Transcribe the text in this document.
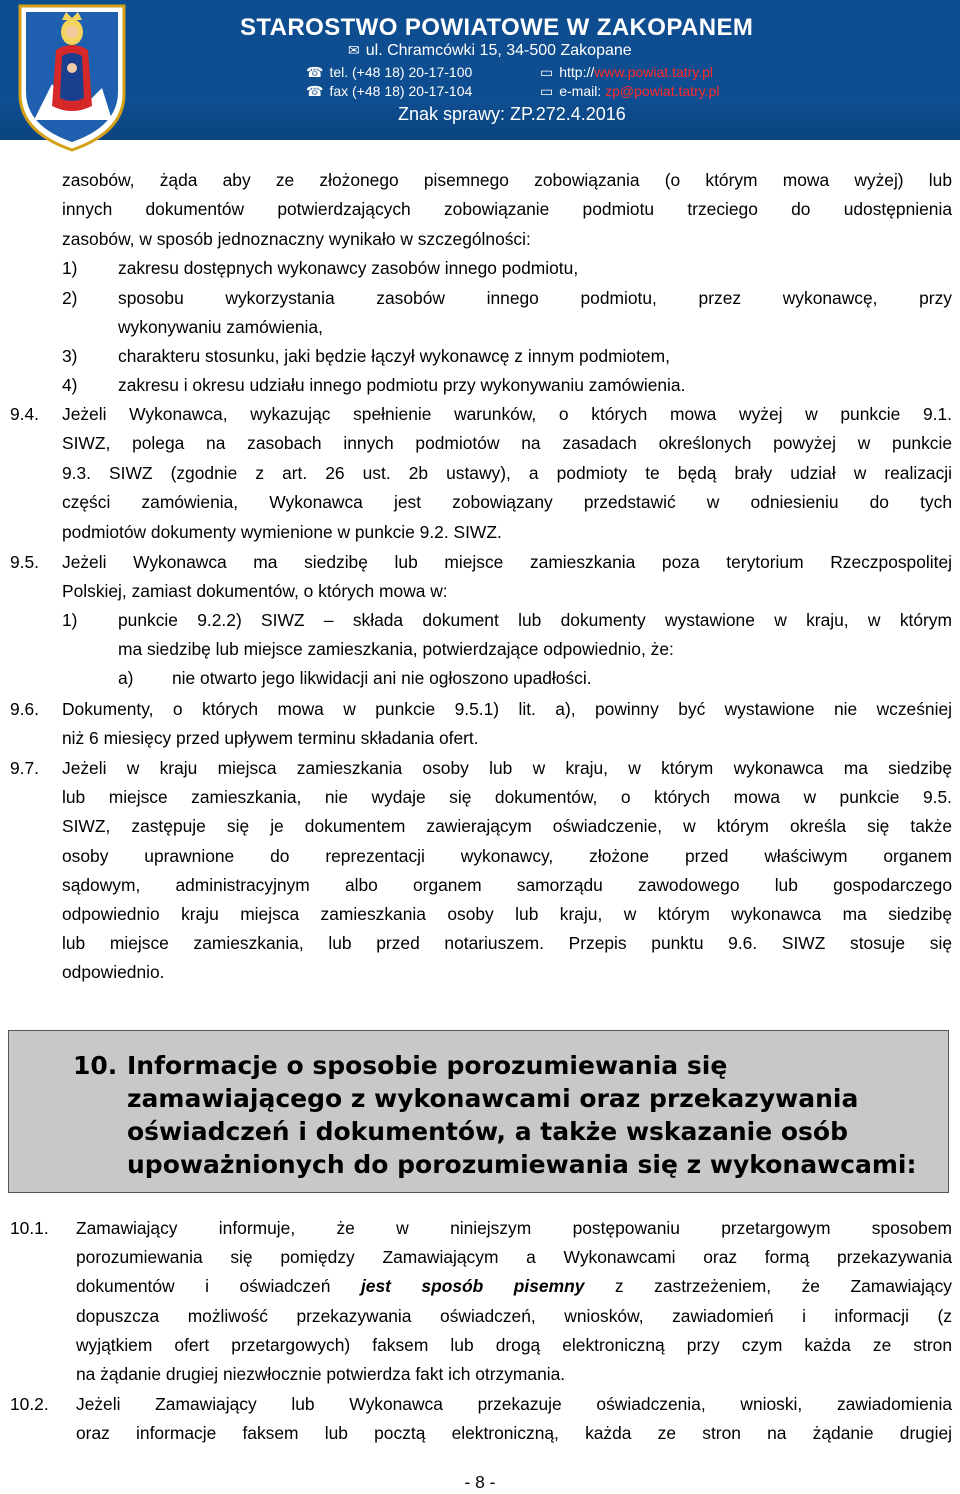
STAROSTWO POWIATOWE W ZAKOPANEM
✉ ul. Chramcówki 15, 34-500 Zakopane
☎ tel. (+48 18) 20-17-100
☎ fax (+48 18) 20-17-104
▭ http://www.powiat.tatry.pl
▭ e-mail: zp@powiat.tatry.pl
Znak sprawy: ZP.272.4.2016
zasobów, żąda aby ze złożonego pisemnego zobowiązania (o którym mowa wyżej) lub
innych dokumentów potwierdzających zobowiązanie podmiotu trzeciego do udostępnienia
zasobów, w sposób jednoznaczny wynikało w szczególności:
1) zakresu dostępnych wykonawcy zasobów innego podmiotu,
2) sposobu wykorzystania zasobów innego podmiotu, przez wykonawcę, przy
wykonywaniu zamówienia,
3) charakteru stosunku, jaki będzie łączył wykonawcę z innym podmiotem,
4) zakresu i okresu udziału innego podmiotu przy wykonywaniu zamówienia.
9.4. Jeżeli Wykonawca, wykazując spełnienie warunków, o których mowa wyżej w punkcie 9.1.
SIWZ, polega na zasobach innych podmiotów na zasadach określonych powyżej w punkcie
9.3. SIWZ (zgodnie z art. 26 ust. 2b ustawy), a podmioty te będą brały udział w realizacji
części zamówienia, Wykonawca jest zobowiązany przedstawić w odniesieniu do tych
podmiotów dokumenty wymienione w punkcie 9.2. SIWZ.
9.5. Jeżeli Wykonawca ma siedzibę lub miejsce zamieszkania poza terytorium Rzeczpospolitej
Polskiej, zamiast dokumentów, o których mowa w:
1) punkcie 9.2.2) SIWZ – składa dokument lub dokumenty wystawione w kraju, w którym
ma siedzibę lub miejsce zamieszkania, potwierdzające odpowiednio, że:
a) nie otwarto jego likwidacji ani nie ogłoszono upadłości.
9.6. Dokumenty, o których mowa w punkcie 9.5.1) lit. a), powinny być wystawione nie wcześniej
niż 6 miesięcy przed upływem terminu składania ofert.
9.7. Jeżeli w kraju miejsca zamieszkania osoby lub w kraju, w którym wykonawca ma siedzibę
lub miejsce zamieszkania, nie wydaje się dokumentów, o których mowa w punkcie 9.5.
SIWZ, zastępuje się je dokumentem zawierającym oświadczenie, w którym określa się także
osoby uprawnione do reprezentacji wykonawcy, złożone przed właściwym organem
sądowym, administracyjnym albo organem samorządu zawodowego lub gospodarczego
odpowiednio kraju miejsca zamieszkania osoby lub kraju, w którym wykonawca ma siedzibę
lub miejsce zamieszkania, lub przed notariuszem. Przepis punktu 9.6. SIWZ stosuje się
odpowiednio.
10. Informacje o sposobie porozumiewania się
zamawiającego z wykonawcami oraz przekazywania
oświadczeń i dokumentów, a także wskazanie osób
upoważnionych do porozumiewania się z wykonawcami:
10.1. Zamawiający informuje, że w niniejszym postępowaniu przetargowym sposobem
porozumiewania się pomiędzy Zamawiającym a Wykonawcami oraz formą przekazywania
dokumentów i oświadczeń jest sposób pisemny z zastrzeżeniem, że Zamawiający
dopuszcza możliwość przekazywania oświadczeń, wniosków, zawiadomień i informacji (z
wyjątkiem ofert przetargowych) faksem lub drogą elektroniczną przy czym każda ze stron
na żądanie drugiej niezwłocznie potwierdza fakt ich otrzymania.
10.2. Jeżeli Zamawiający lub Wykonawca przekazuje oświadczenia, wnioski, zawiadomienia
oraz informacje faksem lub pocztą elektroniczną, każda ze stron na żądanie drugiej
- 8 -
